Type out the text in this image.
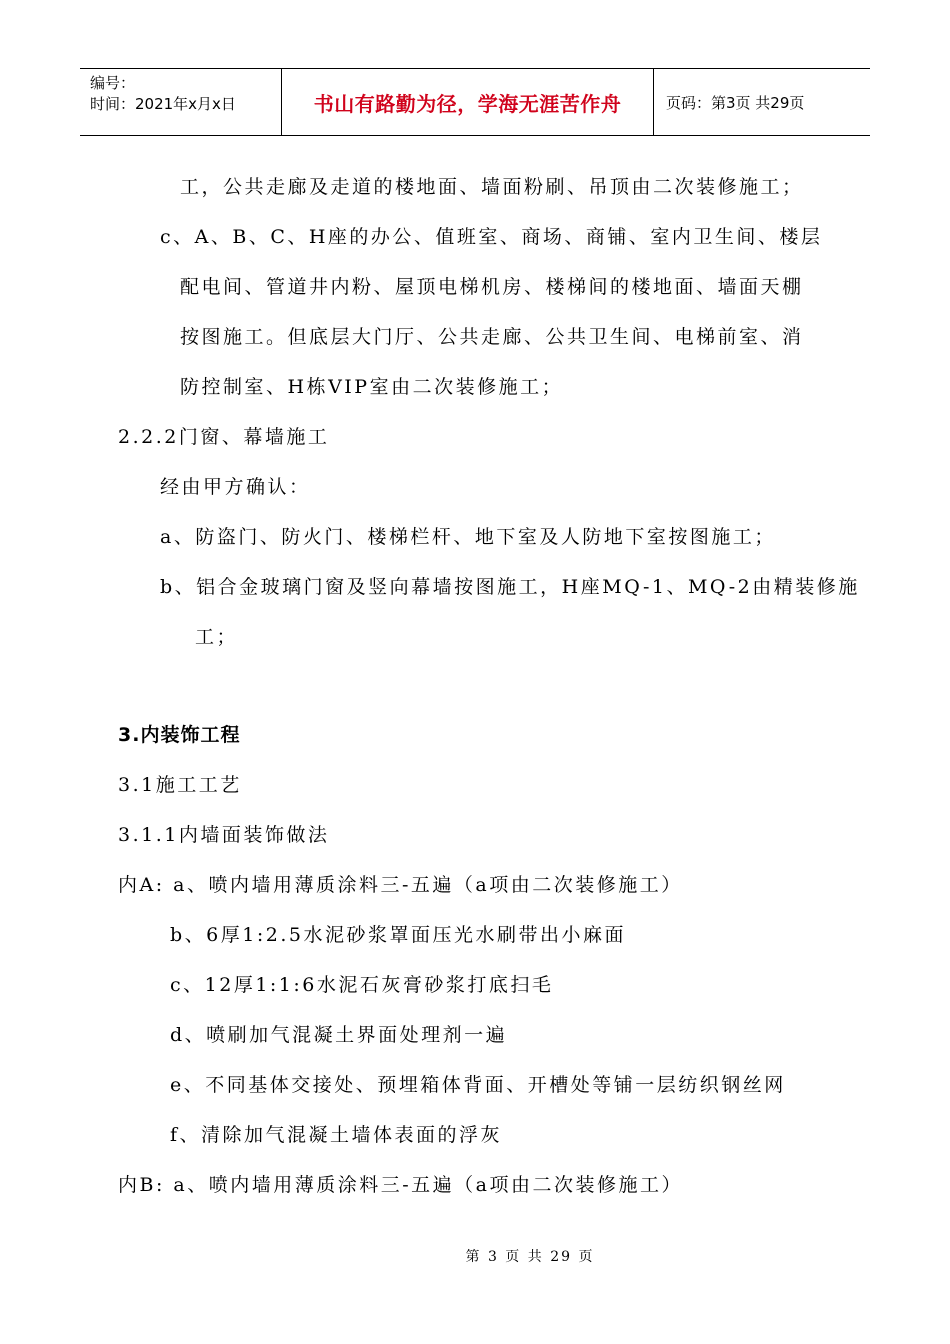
编号：
时间：2021年x月x日	书山有路勤为径，学海无涯苦作舟	页码：第3页 共29页
工，公共走廊及走道的楼地面、墙面粉刷、吊顶由二次装修施工；
c、A、B、C、H座的办公、值班室、商场、商铺、室内卫生间、楼层
配电间、管道井内粉、屋顶电梯机房、楼梯间的楼地面、墙面天棚
按图施工。但底层大门厅、公共走廊、公共卫生间、电梯前室、消
防控制室、H栋VIP室由二次装修施工；
2.2.2门窗、幕墙施工
经由甲方确认：
a、防盗门、防火门、楼梯栏杆、地下室及人防地下室按图施工；
b、铝合金玻璃门窗及竖向幕墙按图施工，H座MQ-1、MQ-2由精装修施
工；
3.内装饰工程
3.1施工工艺
3.1.1内墙面装饰做法
内A: a、喷内墙用薄质涂料三-五遍（a项由二次装修施工）
b、6厚1:2.5水泥砂浆罩面压光水刷带出小麻面
c、12厚1:1:6水泥石灰膏砂浆打底扫毛
d、喷刷加气混凝土界面处理剂一遍
e、不同基体交接处、预埋箱体背面、开槽处等铺一层纺织钢丝网
f、清除加气混凝土墙体表面的浮灰
内B: a、喷内墙用薄质涂料三-五遍（a项由二次装修施工）
第 3 页 共 29 页
